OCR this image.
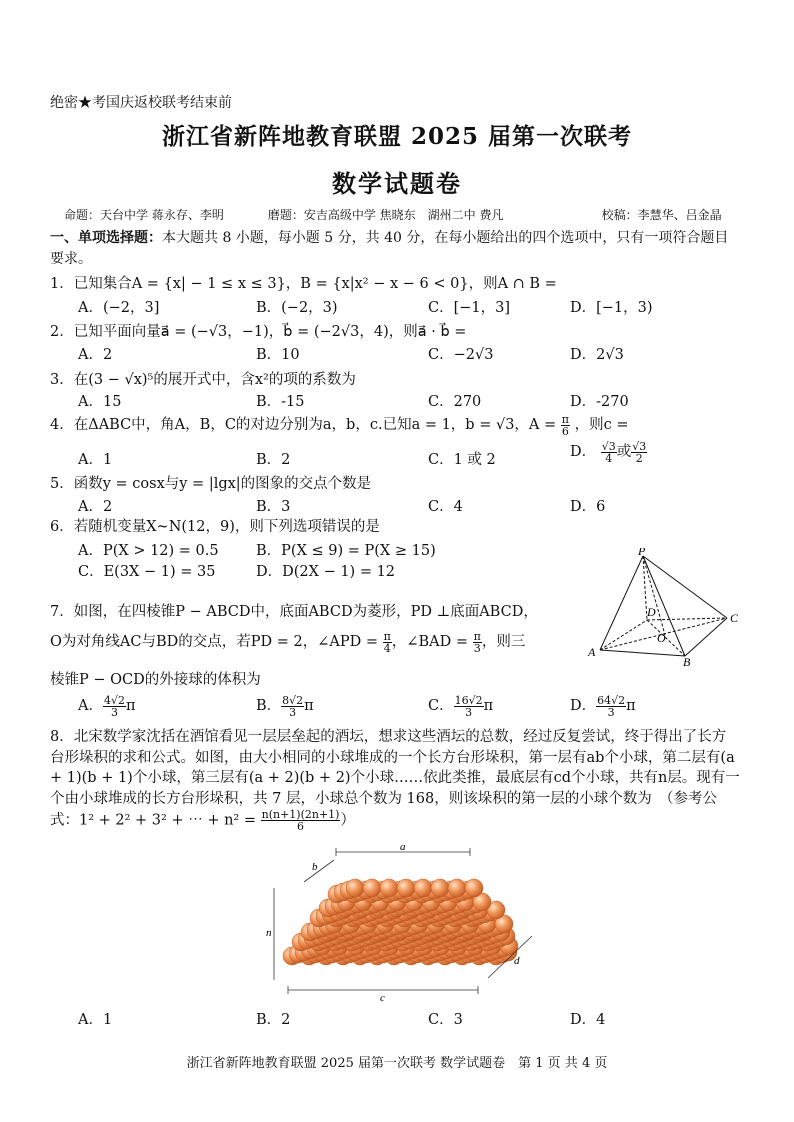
绝密★考国庆返校联考结束前
浙江省新阵地教育联盟 2025 届第一次联考
数学试题卷
命题：天台中学 蒋永存、李明	磨题：安吉高级中学 焦晓东　湖州二中 费凡	校稿：李慧华、吕金晶
一、单项选择题：本大题共 8 小题，每小题 5 分，共 40 分，在每小题给出的四个选项中，只有一项符合题目要求。
1．已知集合A = {x| − 1 ≤ x ≤ 3}，B = {x|x² − x − 6 < 0}，则A ∩ B =
A．(−2，3]	B．(−2，3)	C．[−1，3]	D．[−1，3)
2．已知平面向量a⃗ = (−√3，−1)，b⃗ = (−2√3，4)，则a⃗ · b⃗ =
A．2	B．10	C．−2√3	D．2√3
3．在(3 − √x)⁵的展开式中，含x²的项的系数为
A．15	B．-15	C．270	D．-270
4．在ΔABC中，角A，B，C的对边分别为a，b，c.已知a = 1，b = √3，$A = \frac{\pi}{6}$ ，则c =
A．1	B．2	C．1 或 2	D． $\frac{√3}{4}$ 或 $\frac{√3}{2}$
5．函数y = cosx与y = |lgx|的图象的交点个数是
A．2	B．3	C．4	D．6
6．若随机变量X~N(12，9)，则下列选项错误的是
A．P(X > 12) = 0.5	B．P(X ≤ 9) = P(X ≥ 15)
C．E(3X − 1) = 35	D．D(2X − 1) = 12
P
A
B
C
D
O
7．如图，在四棱锥P − ABCD中，底面ABCD为菱形，PD ⊥底面ABCD，
O为对角线AC与BD的交点，若PD = 2，∠APD = $\frac{\pi}{4}$ ，∠BAD = $\frac{\pi}{3}$ ，则三
棱锥P − OCD的外接球的体积为
A． $\frac{4√2}{3}$ π	B． $\frac{8√2}{3}$ π	C． $\frac{16√2}{3}$ π	D． $\frac{64√2}{3}$ π
8．北宋数学家沈括在酒馆看见一层层垒起的酒坛，想求这些酒坛的总数，经过反复尝试，终于得出了长方台形垛积的求和公式。如图，由大小相同的小球堆成的一个长方台形垛积，第一层有ab个小球，第二层有(a + 1)(b + 1)个小球，第三层有(a + 2)(b + 2)个小球……依此类推，最底层有cd个小球，共有n层。现有一个由小球堆成的长方台形垛积，共 7 层，小球总个数为 168，则该垛积的第一层的小球个数为　（参考公式：1² + 2² + 3² + ⋯ + $n^2 = \frac{n(n+1)(2n+1)}{6}$ ）
a
b
c
d
n
A．1	B．2	C．3	D．4
浙江省新阵地教育联盟 2025 届第一次联考 数学试题卷　第 1 页 共 4 页
